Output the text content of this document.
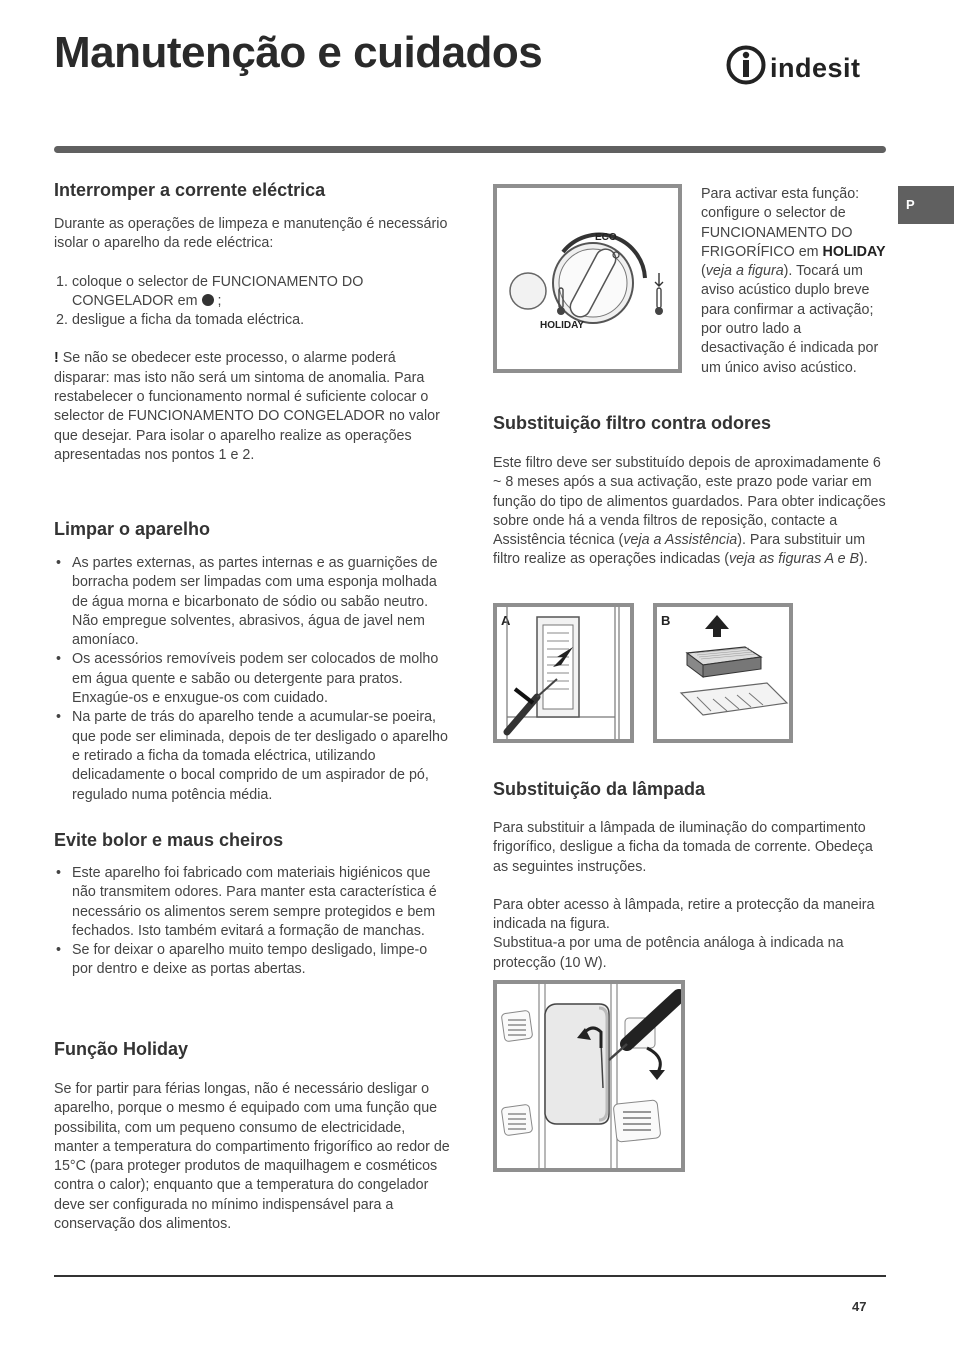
Manutenção e cuidados	indesit
P
Interromper a corrente eléctrica

Durante as operações de limpeza e manutenção é necessário isolar o aparelho da rede eléctrica:

1. coloque o selector de FUNCIONAMENTO DO CONGELADOR em  ;
2. desligue a ficha da tomada eléctrica.

! Se não se obedecer este processo, o alarme poderá disparar: mas isto não será um sintoma de anomalia. Para restabelecer o funcionamento normal é suficiente colocar o selector de FUNCIONAMENTO DO CONGELADOR no valor que desejar. Para isolar o aparelho realize as operações apresentadas nos pontos 1 e 2.

Limpar o aparelho
• As partes externas, as partes internas e as guarnições de borracha podem ser limpadas com uma esponja molhada de água morna e bicarbonato de sódio ou sabão neutro. Não empregue solventes, abrasivos, água de javel nem amoníaco.
• Os acessórios removíveis podem ser colocados de molho em água quente e sabão ou detergente para pratos. Enxagúe-os e enxugue-os com cuidado.
• Na parte de trás do aparelho tende a acumular-se poeira, que pode ser eliminada, depois de ter desligado o aparelho e retirado a ficha da tomada eléctrica, utilizando delicadamente o bocal comprido de um aspirador de pó, regulado numa potência média.
Evite bolor e maus cheiros
• Este aparelho foi fabricado com materiais higiénicos que não transmitem odores. Para manter esta característica é necessário os alimentos serem sempre protegidos e bem fechados. Isto também evitará a formação de manchas.
• Se for deixar o aparelho muito tempo desligado, limpe-o por dentro e deixe as portas abertas.
Função Holiday

Se for partir para férias longas, não é necessário desligar o aparelho, porque o mesmo é equipado com uma função que possibilita, com um pequeno consumo de electricidade, manter a temperatura do compartimento frigorífico ao redor de 15°C (para proteger produtos de maquilhagem e cosméticos contra o calor); enquanto que a temperatura do congelador deve ser configurada no mínimo indispensável para a conservação dos alimentos.

ECO
HOLIDAY

Para activar esta função: configure o selector de FUNCIONAMENTO DO FRIGORÍFICO em HOLIDAY (veja a figura). Tocará um aviso acústico duplo breve para confirmar a activação; por outro lado a desactivação é indicada por um único aviso acústico.

Substituição filtro contra odores

Este filtro deve ser substituído depois de aproximadamente 6 ~ 8 meses após a sua activação, este prazo pode variar em função do tipo de alimentos guardados. Para obter indicações sobre onde há a venda filtros de reposição, contacte a Assistência técnica (veja a Assistência). Para substituir um filtro realize as operações indicadas (veja as figuras A e B).

A	B
Substituição da lâmpada

Para substituir a lâmpada de iluminação do compartimento frigorífico, desligue a ficha da tomada de corrente. Obedeça as seguintes instruções.

Para obter acesso à lâmpada, retire a protecção da maneira indicada na figura.

Substitua-a por uma de potência análoga à indicada na protecção (10 W).

47
